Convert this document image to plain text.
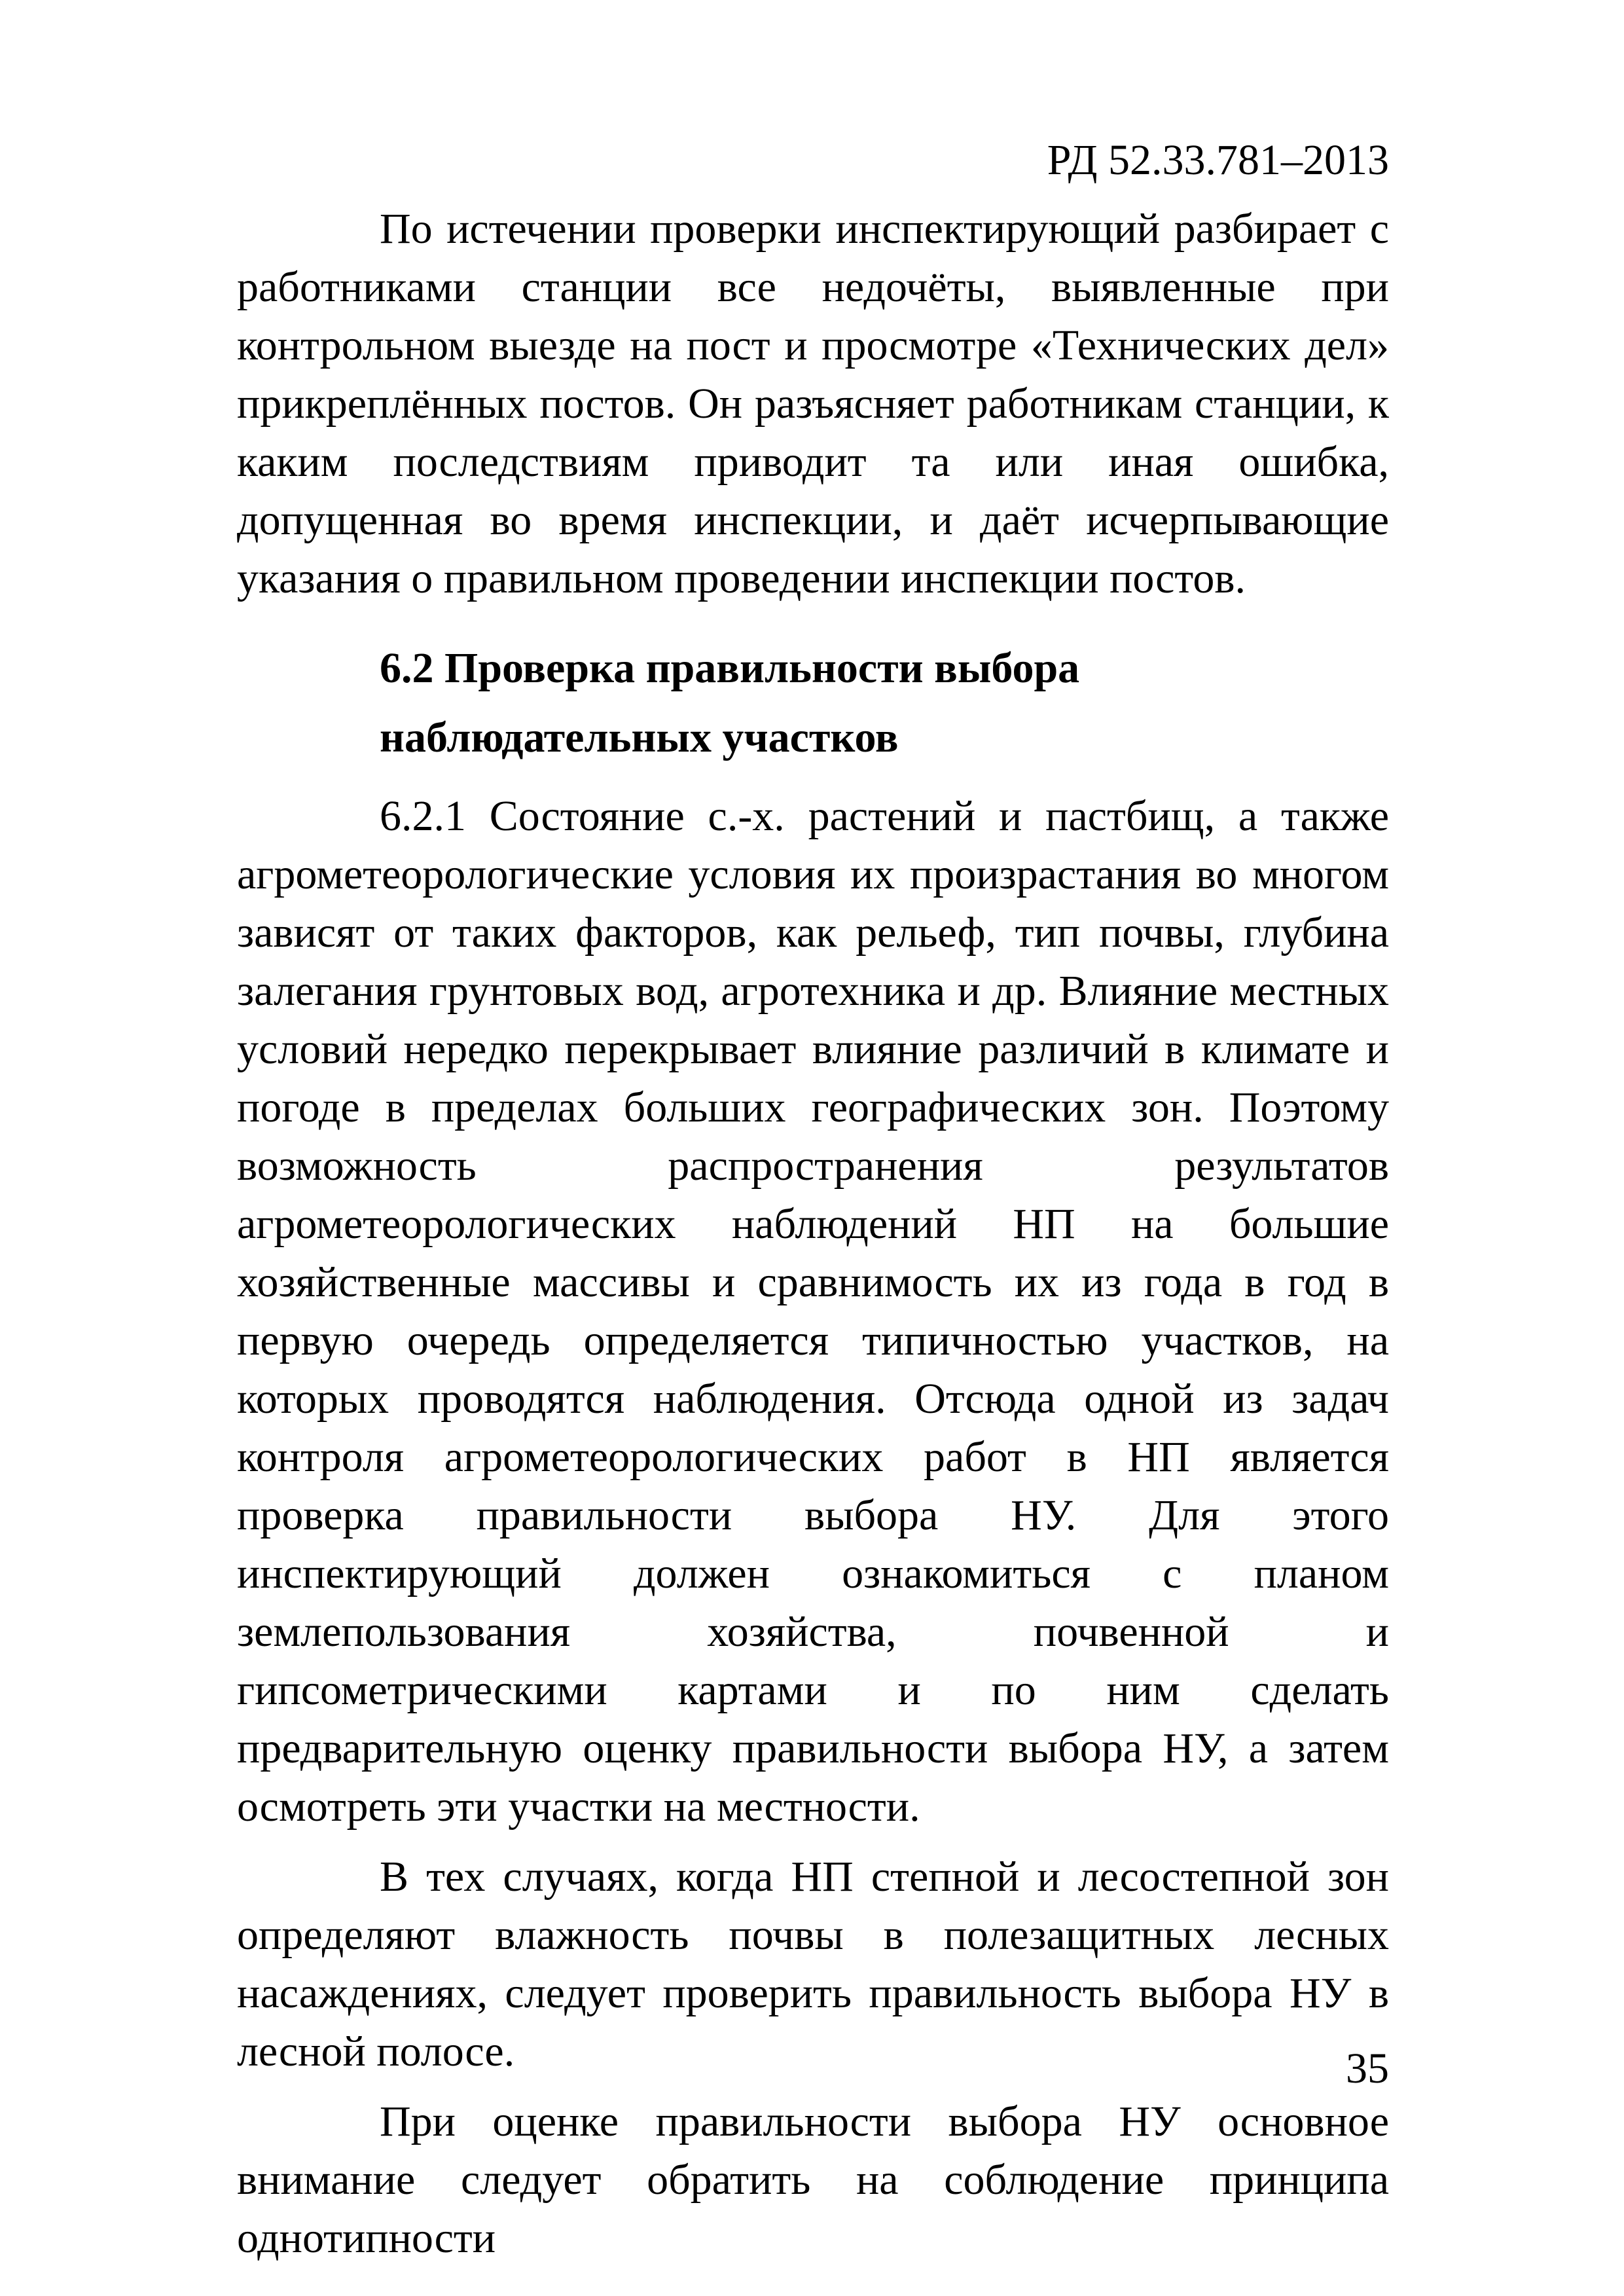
РД 52.33.781–2013

По истечении проверки инспектирующий разбирает с работниками станции все недочёты, выявленные при контрольном выезде на пост и просмотре «Технических дел» прикреплённых постов. Он разъясняет работникам станции, к каким последствиям приводит та или иная ошибка, допущенная во время инспекции, и даёт исчерпывающие указания о правильном проведении инспекции постов.

6.2 Проверка правильности выбора наблюдательных участков

6.2.1 Состояние с.-х. растений и пастбищ, а также агрометеорологические условия их произрастания во многом зависят от таких факторов, как рельеф, тип почвы, глубина залегания грунтовых вод, агротехника и др. Влияние местных условий нередко перекрывает влияние различий в климате и погоде в пределах больших географических зон. Поэтому возможность распространения результатов агрометеорологических наблюдений НП на большие хозяйственные массивы и сравнимость их из года в год в первую очередь определяется типичностью участков, на которых проводятся наблюдения. Отсюда одной из задач контроля агрометеорологических работ в НП является проверка правильности выбора НУ. Для этого инспектирующий должен ознакомиться с планом землепользования хозяйства, почвенной и гипсометрическими картами и по ним сделать предварительную оценку правильности выбора НУ, а затем осмотреть эти участки на местности.

В тех случаях, когда НП степной и лесостепной зон определяют влажность почвы в полезащитных лесных насаждениях, следует проверить правильность выбора НУ в лесной полосе.

При оценке правильности выбора НУ основное внимание следует обратить на соблюдение принципа однотипности

35
